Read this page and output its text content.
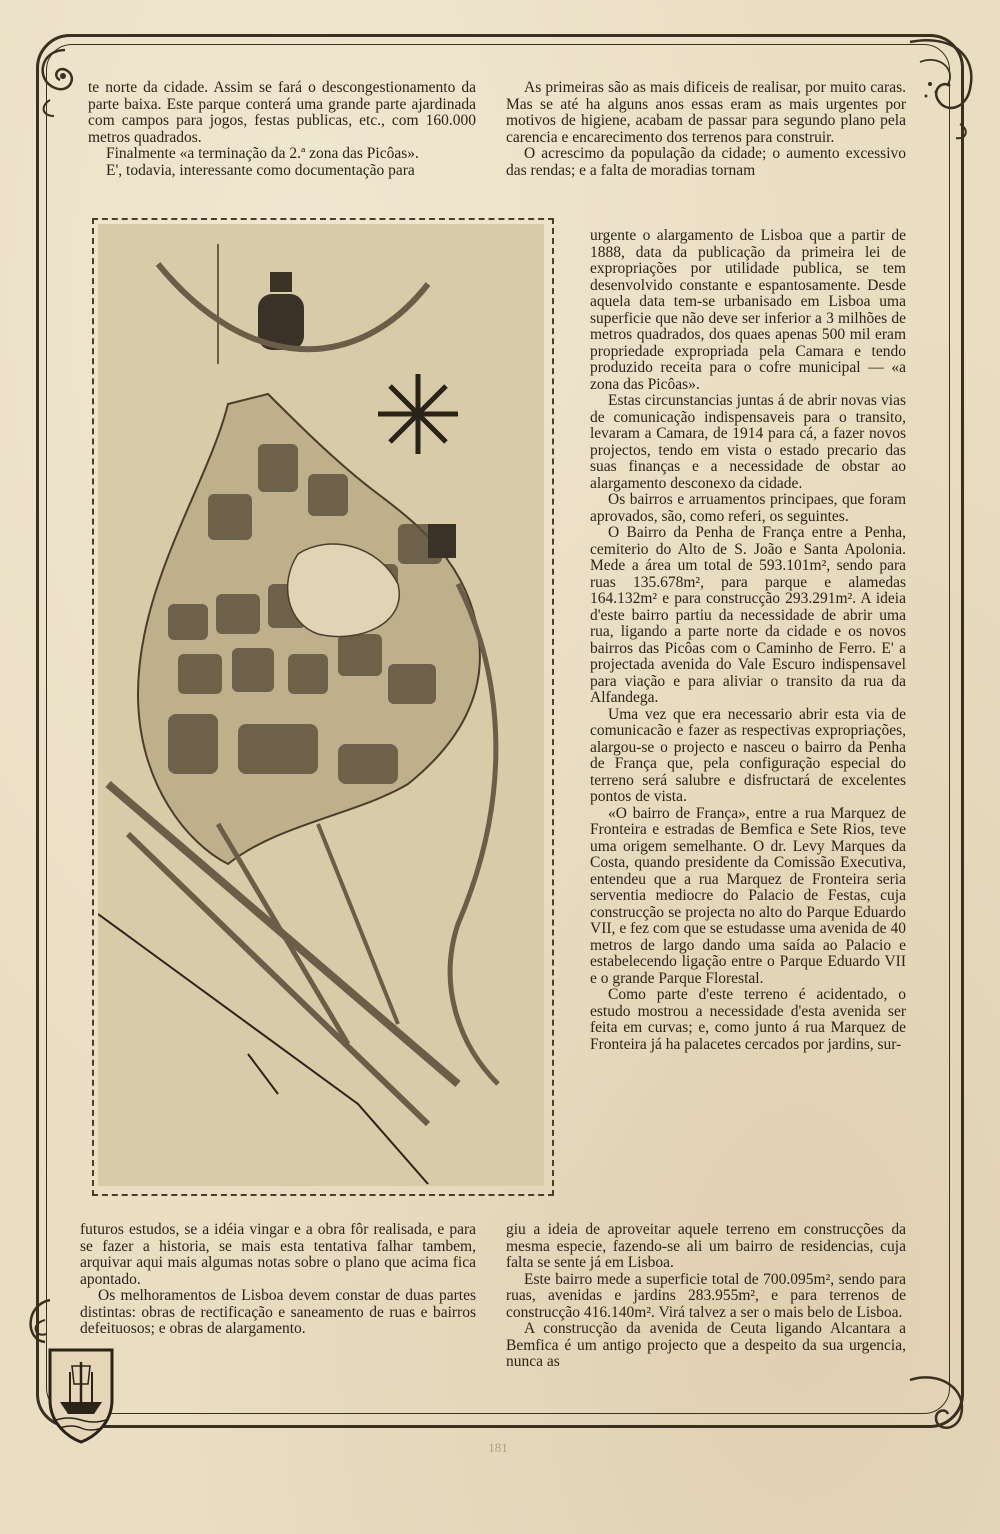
te norte da cidade. Assim se fará o descongestionamento da parte baixa. Este parque conterá uma grande parte ajardinada com campos para jogos, festas publicas, etc., com 160.000 metros quadrados.

Finalmente «a terminação da 2.ª zona das Picôas».

E', todavia, interessante como documentação para

As primeiras são as mais dificeis de realisar, por muito caras. Mas se até ha alguns anos essas eram as mais urgentes por motivos de higiene, acabam de passar para segundo plano pela carencia e encarecimento dos terrenos para construir.

O acrescimo da população da cidade; o aumento excessivo das rendas; e a falta de moradias tornam

urgente o alargamento de Lisboa que a partir de 1888, data da publicação da primeira lei de expropriações por utilidade publica, se tem desenvolvido constante e espantosamente. Desde aquela data tem-se urbanisado em Lisboa uma superficie que não deve ser inferior a 3 milhões de metros quadrados, dos quaes apenas 500 mil eram propriedade expropriada pela Camara e tendo produzido receita para o cofre municipal — «a zona das Picôas».

Estas circunstancias juntas á de abrir novas vias de comunicação indispensaveis para o transito, levaram a Camara, de 1914 para cá, a fazer novos projectos, tendo em vista o estado precario das suas finanças e a necessidade de obstar ao alargamento desconexo da cidade.

Os bairros e arruamentos principaes, que foram aprovados, são, como referi, os seguintes.

O Bairro da Penha de França entre a Penha, cemiterio do Alto de S. João e Santa Apolonia. Mede a área um total de 593.101m², sendo para ruas 135.678m², para parque e alamedas 164.132m² e para construcção 293.291m². A ideia d'este bairro partiu da necessidade de abrir uma rua, ligando a parte norte da cidade e os novos bairros das Picôas com o Caminho de Ferro. E' a projectada avenida do Vale Escuro indispensavel para viação e para aliviar o transito da rua da Alfandega.

Uma vez que era necessario abrir esta via de comunicacão e fazer as respectivas expropriações, alargou-se o projecto e nasceu o bairro da Penha de França que, pela configuração especial do terreno será salubre e disfructará de excelentes pontos de vista.

«O bairro de França», entre a rua Marquez de Fronteira e estradas de Bemfica e Sete Rios, teve uma origem semelhante. O dr. Levy Marques da Costa, quando presidente da Comissão Executiva, entendeu que a rua Marquez de Fronteira seria serventia mediocre do Palacio de Festas, cuja construcção se projecta no alto do Parque Eduardo VII, e fez com que se estudasse uma avenida de 40 metros de largo dando uma saída ao Palacio e estabelecendo ligação entre o Parque Eduardo VII e o grande Parque Florestal.

Como parte d'este terreno é acidentado, o estudo mostrou a necessidade d'esta avenida ser feita em curvas; e, como junto á rua Marquez de Fronteira já ha palacetes cercados por jardins, sur-

futuros estudos, se a idéia vingar e a obra fôr realisada, e para se fazer a historia, se mais esta tentativa falhar tambem, arquivar aqui mais algumas notas sobre o plano que acima fica apontado.

Os melhoramentos de Lisboa devem constar de duas partes distintas: obras de rectificação e saneamento de ruas e bairros defeituosos; e obras de alargamento.

giu a ideia de aproveitar aquele terreno em construcções da mesma especie, fazendo-se ali um bairro de residencias, cuja falta se sente já em Lisboa.

Este bairro mede a superficie total de 700.095m², sendo para ruas, avenidas e jardins 283.955m², e para terrenos de construcção 416.140m². Virá talvez a ser o mais belo de Lisboa.

A construcção da avenida de Ceuta ligando Alcantara a Bemfica é um antigo projecto que a despeito da sua urgencia, nunca as

181
